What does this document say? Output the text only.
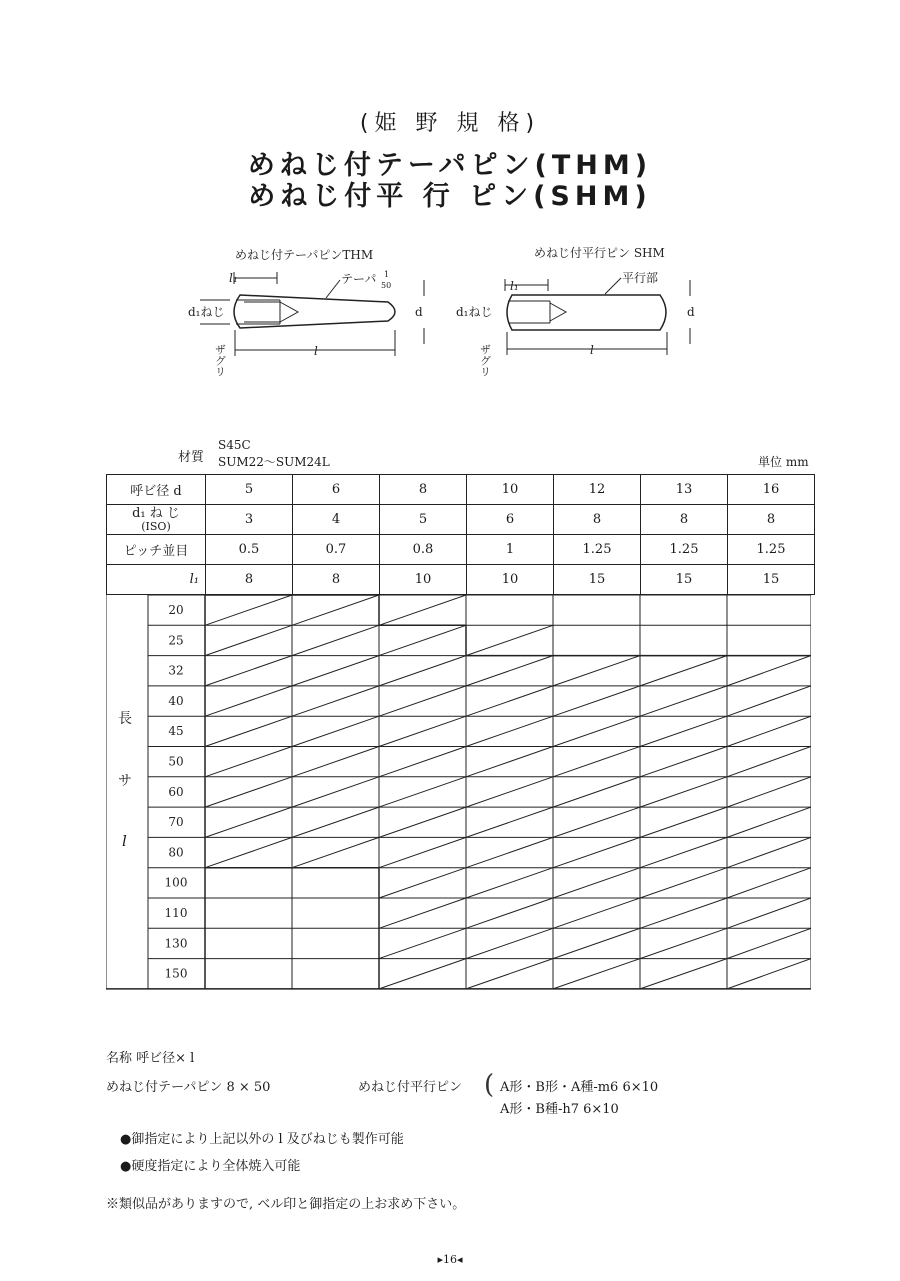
(姫 野 規 格)
めねじ付テーパピン(THM)
めねじ付平 行 ピン(SHM)
めねじ付テーパピンTHM
l₁	テーパ 1
50
d₁ねじ	d
ザグリ	l
めねじ付平行ピン SHM
l₁
平行部
d₁ねじ	d
ザグリ	l
材質
S45C
SUM22～SUM24L	単位 mm
呼ビ径 d	5	6	8	10	12	13	16

d₁ ね じ
(ISO)	3	4	5	6	8	8	8
ピッチ並目	0.5	0.7	0.8	1	1.25	1.25	1.25
l₁	8	8	10	10	15	15	15
20
25
32
40
45
50
60
70
80
100
110
130
150
長
サ
l
名称 呼ビ径× l
めねじ付テーパピン 8 × 50	めねじ付平行ピン ( A形・B形・A種-m6 6×10
A形・B種-h7 6×10
●御指定により上記以外の l 及びねじも製作可能
●硬度指定により全体焼入可能
※類似品がありますので, ベル印と御指定の上お求め下さい。
▸16◂
